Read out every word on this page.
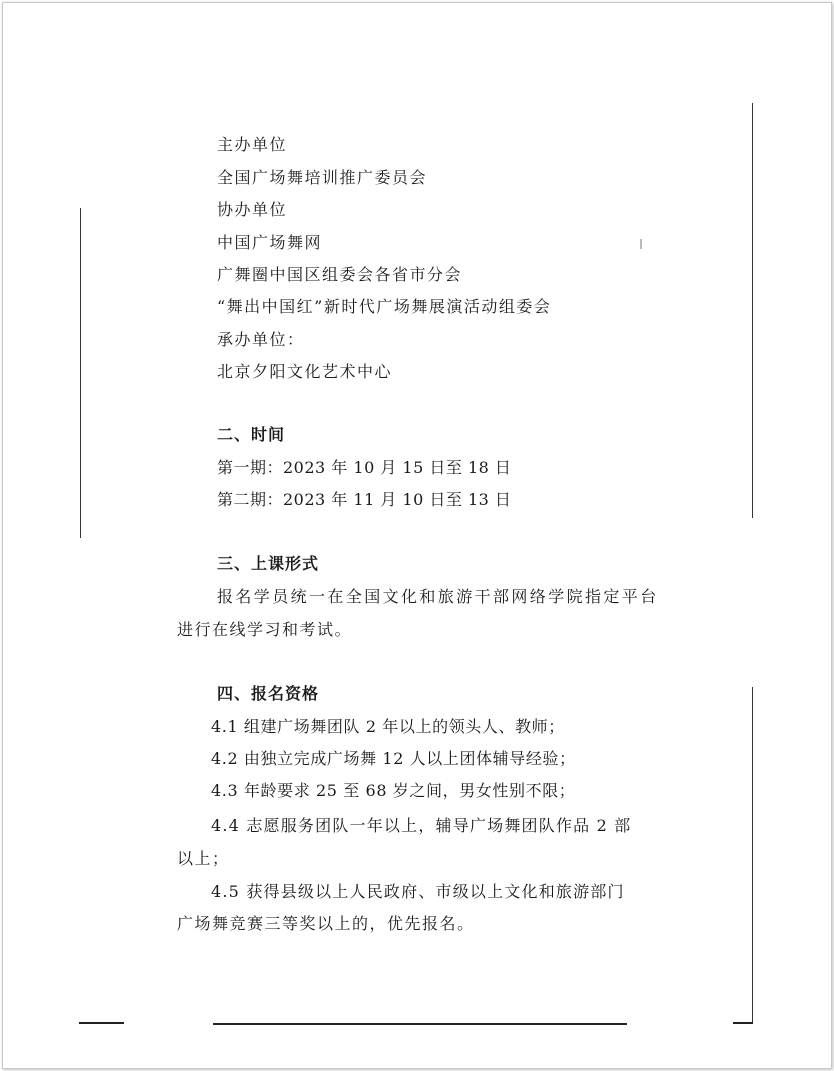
主办单位
全国广场舞培训推广委员会
协办单位
中国广场舞网
广舞圈中国区组委会各省市分会
“舞出中国红”新时代广场舞展演活动组委会
承办单位：
北京夕阳文化艺术中心
二、时间
第一期：2023 年 10 月 15 日至 18 日
第二期：2023 年 11 月 10 日至 13 日
三、上课形式
报名学员统一在全国文化和旅游干部网络学院指定平台
进行在线学习和考试。
四、报名资格
4.1 组建广场舞团队 2 年以上的领头人、教师；
4.2 由独立完成广场舞 12 人以上团体辅导经验；
4.3 年龄要求 25 至 68 岁之间，男女性别不限；
4.4 志愿服务团队一年以上，辅导广场舞团队作品 2 部
以上；
4.5 获得县级以上人民政府、市级以上文化和旅游部门
广场舞竞赛三等奖以上的，优先报名。
